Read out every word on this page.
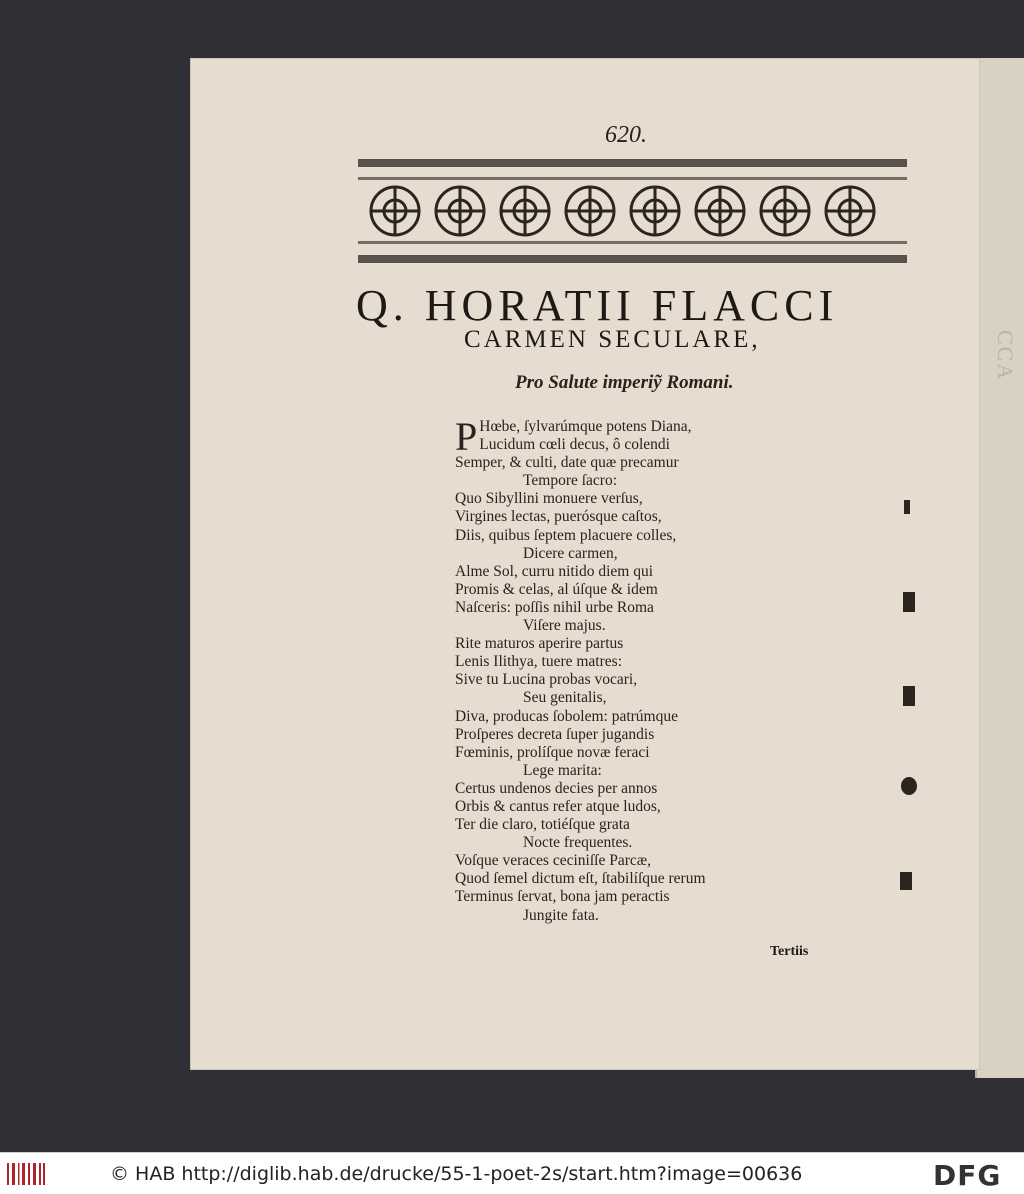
CCA
620.
Q. HORATII FLACCI
CARMEN SECULARE,
Pro Salute imperiỹ Romani.
P Hœbe, ſylvarúmque potens Diana,
Lucidum cœli decus, ô colendi
Semper, & culti, date quæ precamur
Tempore ſacro:
Quo Sibyllini monuere verſus,
Virgines lectas, puerósque caſtos,
Diis, quibus ſeptem placuere colles,
Dicere carmen,
Alme Sol, curru nitido diem qui
Promis & celas, al úſque & idem
Naſceris: poſſis nihil urbe Roma
Viſere majus.
Rite maturos aperire partus
Lenis Ilithya, tuere matres:
Sive tu Lucina probas vocari,
Seu genitalis,
Diva, producas ſobolem: patrúmque
Proſperes decreta ſuper jugandis
Fœminis, prolíſque novæ feraci
Lege marita:
Certus undenos decies per annos
Orbis & cantus refer atque ludos,
Ter die claro, totiéſque grata
Nocte frequentes.
Voſque veraces ceciniſſe Parcæ,
Quod ſemel dictum eſt, ſtabilíſque rerum
Terminus ſervat, bona jam peractis
Jungite fata.
Tertiis
© HAB http://diglib.hab.de/drucke/55-1-poet-2s/start.htm?image=00636	DFG
